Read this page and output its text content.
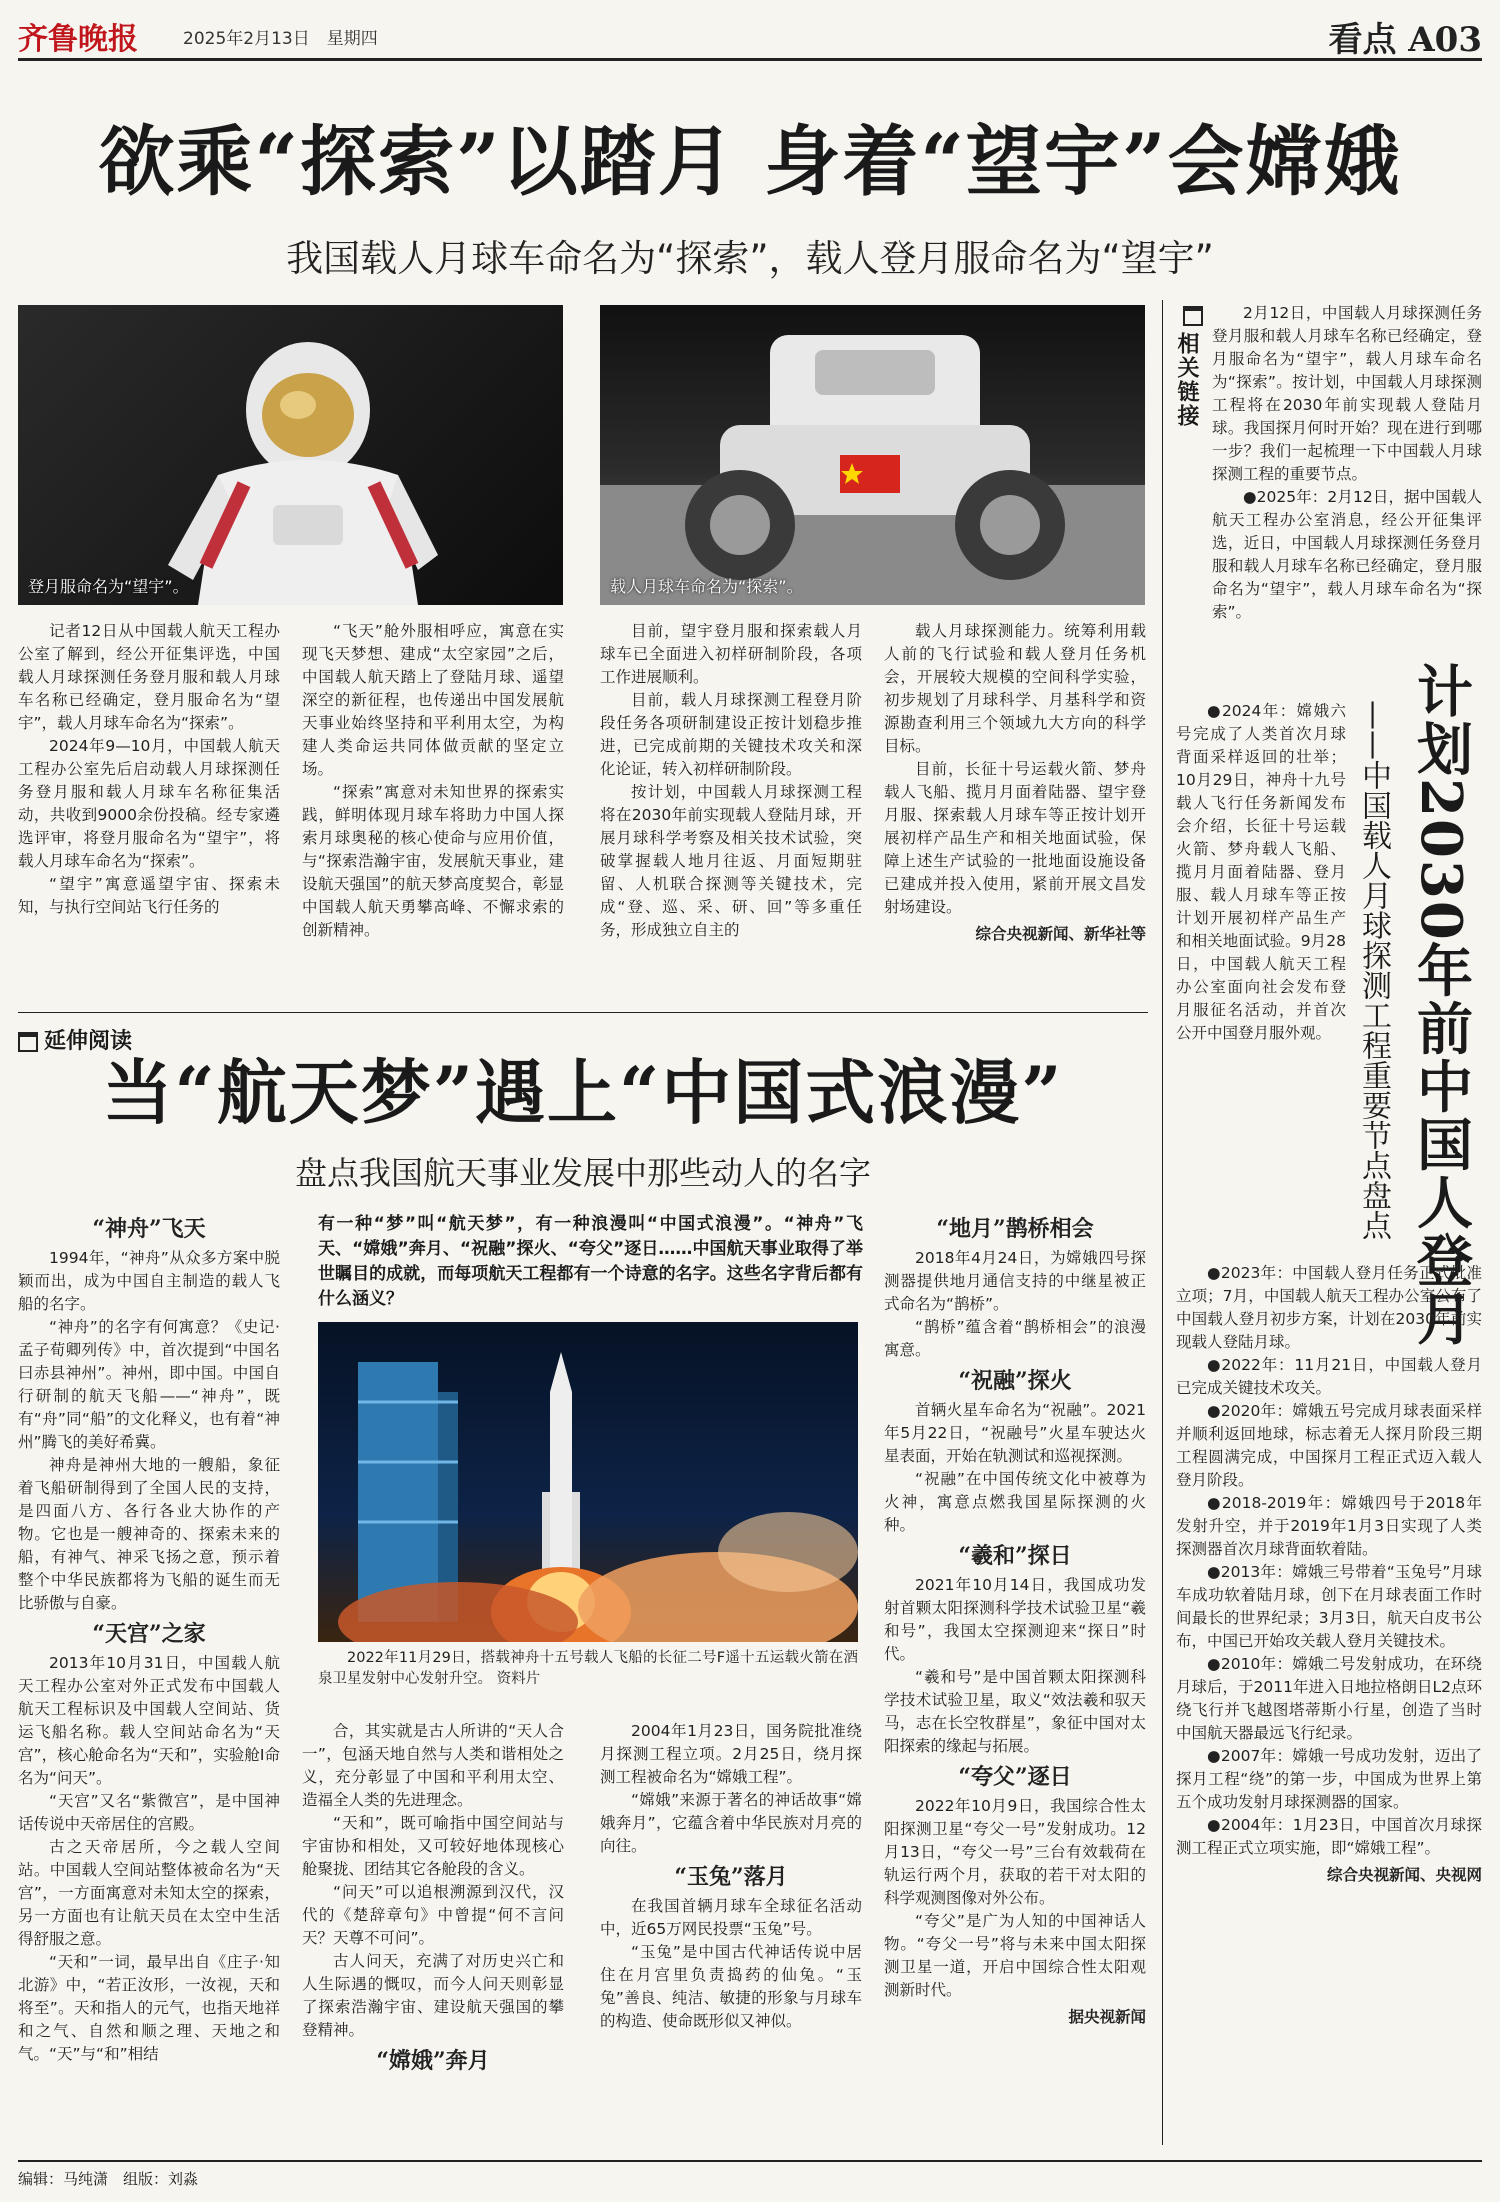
齐鲁晚报	2025年2月13日　 星期四	看点 A03
欲乘“探索”以踏月 身着“望宇”会嫦娥
我国载人月球车命名为“探索”，载人登月服命名为“望宇”
登月服命名为“望宇”。	载人月球车命名为“探索”。

记者12日从中国载人航天工程办公室了解到，经公开征集评选，中国载人月球探测任务登月服和载人月球车名称已经确定，登月服命名为“望宇”，载人月球车命名为“探索”。

2024年9—10月，中国载人航天工程办公室先后启动载人月球探测任务登月服和载人月球车名称征集活动，共收到9000余份投稿。经专家遴选评审，将登月服命名为“望宇”，将载人月球车命名为“探索”。

“望宇”寓意遥望宇宙、探索未知，与执行空间站飞行任务的

“飞天”舱外服相呼应，寓意在实现飞天梦想、建成“太空家园”之后，中国载人航天踏上了登陆月球、遥望深空的新征程，也传递出中国发展航天事业始终坚持和平利用太空，为构建人类命运共同体做贡献的坚定立场。

“探索”寓意对未知世界的探索实践，鲜明体现月球车将助力中国人探索月球奥秘的核心使命与应用价值，与“探索浩瀚宇宙，发展航天事业，建设航天强国”的航天梦高度契合，彰显中国载人航天勇攀高峰、不懈求索的创新精神。

目前，望宇登月服和探索载人月球车已全面进入初样研制阶段，各项工作进展顺利。

目前，载人月球探测工程登月阶段任务各项研制建设正按计划稳步推进，已完成前期的关键技术攻关和深化论证，转入初样研制阶段。

按计划，中国载人月球探测工程将在2030年前实现载人登陆月球，开展月球科学考察及相关技术试验，突破掌握载人地月往返、月面短期驻留、人机联合探测等关键技术，完成“登、巡、采、研、回”等多重任务，形成独立自主的

载人月球探测能力。统筹利用载人前的飞行试验和载人登月任务机会，开展较大规模的空间科学实验，初步规划了月球科学、月基科学和资源勘查利用三个领域九大方向的科学目标。

目前，长征十号运载火箭、梦舟载人飞船、揽月月面着陆器、望宇登月服、探索载人月球车等正按计划开展初样产品生产和相关地面试验，保障上述生产试验的一批地面设施设备已建成并投入使用，紧前开展文昌发射场建设。

综合央视新闻、新华社等
延伸阅读
当“航天梦”遇上“中国式浪漫”
盘点我国航天事业发展中那些动人的名字
“神舟”飞天

1994年，“神舟”从众多方案中脱颖而出，成为中国自主制造的载人飞船的名字。

“神舟”的名字有何寓意？《史记·孟子荀卿列传》中，首次提到“中国名曰赤县神州”。神州，即中国。中国自行研制的航天飞船——“神舟”，既有“舟”同“船”的文化释义，也有着“神州”腾飞的美好希冀。

神舟是神州大地的一艘船，象征着飞船研制得到了全国人民的支持，是四面八方、各行各业大协作的产物。它也是一艘神奇的、探索未来的船，有神气、神采飞扬之意，预示着整个中华民族都将为飞船的诞生而无比骄傲与自豪。

“天宫”之家

2013年10月31日，中国载人航天工程办公室对外正式发布中国载人航天工程标识及中国载人空间站、货运飞船名称。载人空间站命名为“天宫”，核心舱命名为“天和”，实验舱Ⅰ命名为“问天”。

“天宫”又名“紫微宫”，是中国神话传说中天帝居住的宫殿。

古之天帝居所，今之载人空间站。中国载人空间站整体被命名为“天宫”，一方面寓意对未知太空的探索，另一方面也有让航天员在太空中生活得舒服之意。

“天和”一词，最早出自《庄子·知北游》中，“若正汝形，一汝视，天和将至”。天和指人的元气，也指天地祥和之气、自然和顺之理、天地之和气。“天”与“和”相结

有一种“梦”叫“航天梦”，有一种浪漫叫“中国式浪漫”。“神舟”飞天、“嫦娥”奔月、“祝融”探火、“夸父”逐日……中国航天事业取得了举世瞩目的成就，而每项航天工程都有一个诗意的名字。这些名字背后都有什么涵义？
2022年11月29日，搭载神舟十五号载人飞船的长征二号F遥十五运载火箭在酒泉卫星发射中心发射升空。 资料片

合，其实就是古人所讲的“天人合一”，包涵天地自然与人类和谐相处之义，充分彰显了中国和平利用太空、造福全人类的先进理念。

“天和”，既可喻指中国空间站与宇宙协和相处，又可较好地体现核心舱聚拢、团结其它各舱段的含义。

“问天”可以追根溯源到汉代，汉代的《楚辞章句》中曾提“何不言问天？天尊不可问”。

古人问天，充满了对历史兴亡和人生际遇的慨叹，而今人问天则彰显了探索浩瀚宇宙、建设航天强国的攀登精神。

“嫦娥”奔月

2004年1月23日，国务院批准绕月探测工程立项。2月25日，绕月探测工程被命名为“嫦娥工程”。

“嫦娥”来源于著名的神话故事“嫦娥奔月”，它蕴含着中华民族对月亮的向往。

“玉兔”落月

在我国首辆月球车全球征名活动中，近65万网民投票“玉兔”号。

“玉兔”是中国古代神话传说中居住在月宫里负责捣药的仙兔。“玉兔”善良、纯洁、敏捷的形象与月球车的构造、使命既形似又神似。

“地月”鹊桥相会

2018年4月24日，为嫦娥四号探测器提供地月通信支持的中继星被正式命名为“鹊桥”。

“鹊桥”蕴含着“鹊桥相会”的浪漫寓意。

“祝融”探火

首辆火星车命名为“祝融”。2021年5月22日，“祝融号”火星车驶达火星表面，开始在轨测试和巡视探测。

“祝融”在中国传统文化中被尊为火神，寓意点燃我国星际探测的火种。

“羲和”探日

2021年10月14日，我国成功发射首颗太阳探测科学技术试验卫星“羲和号”，我国太空探测迎来“探日”时代。

“羲和号”是中国首颗太阳探测科学技术试验卫星，取义“效法羲和驭天马，志在长空牧群星”，象征中国对太阳探索的缘起与拓展。

“夸父”逐日

2022年10月9日，我国综合性太阳探测卫星“夸父一号”发射成功。12月13日，“夸父一号”三台有效载荷在轨运行两个月，获取的若干对太阳的科学观测图像对外公布。

“夸父”是广为人知的中国神话人物。“夸父一号”将与未来中国太阳探测卫星一道，开启中国综合性太阳观测新时代。

据央视新闻
相关链接

2月12日，中国载人月球探测任务登月服和载人月球车名称已经确定，登月服命名为“望宇”，载人月球车命名为“探索”。按计划，中国载人月球探测工程将在2030年前实现载人登陆月球。我国探月何时开始？现在进行到哪一步？我们一起梳理一下中国载人月球探测工程的重要节点。

●2025年：2月12日，据中国载人航天工程办公室消息，经公开征集评选，近日，中国载人月球探测任务登月服和载人月球车名称已经确定，登月服命名为“望宇”，载人月球车命名为“探索”。

计划2030年前中国人登月
——中国载人月球探测工程重要节点盘点

●2024年：嫦娥六号完成了人类首次月球背面采样返回的壮举；10月29日，神舟十九号载人飞行任务新闻发布会介绍，长征十号运载火箭、梦舟载人飞船、揽月月面着陆器、登月服、载人月球车等正按计划开展初样产品生产和相关地面试验。9月28日，中国载人航天工程办公室面向社会发布登月服征名活动，并首次公开中国登月服外观。

●2023年：中国载人登月任务正式批准立项；7月，中国载人航天工程办公室公布了中国载人登月初步方案，计划在2030年前实现载人登陆月球。

●2022年：11月21日，中国载人登月已完成关键技术攻关。

●2020年：嫦娥五号完成月球表面采样并顺利返回地球，标志着无人探月阶段三期工程圆满完成，中国探月工程正式迈入载人登月阶段。

●2018-2019年：嫦娥四号于2018年发射升空，并于2019年1月3日实现了人类探测器首次月球背面软着陆。

●2013年：嫦娥三号带着“玉兔号”月球车成功软着陆月球，创下在月球表面工作时间最长的世界纪录；3月3日，航天白皮书公布，中国已开始攻关载人登月关键技术。

●2010年：嫦娥二号发射成功，在环绕月球后，于2011年进入日地拉格朗日L2点环绕飞行并飞越图塔蒂斯小行星，创造了当时中国航天器最远飞行纪录。

●2007年：嫦娥一号成功发射，迈出了探月工程“绕”的第一步，中国成为世界上第五个成功发射月球探测器的国家。

●2004年：1月23日，中国首次月球探测工程正式立项实施，即“嫦娥工程”。

综合央视新闻、央视网
编辑：马纯潇　组版：刘淼
